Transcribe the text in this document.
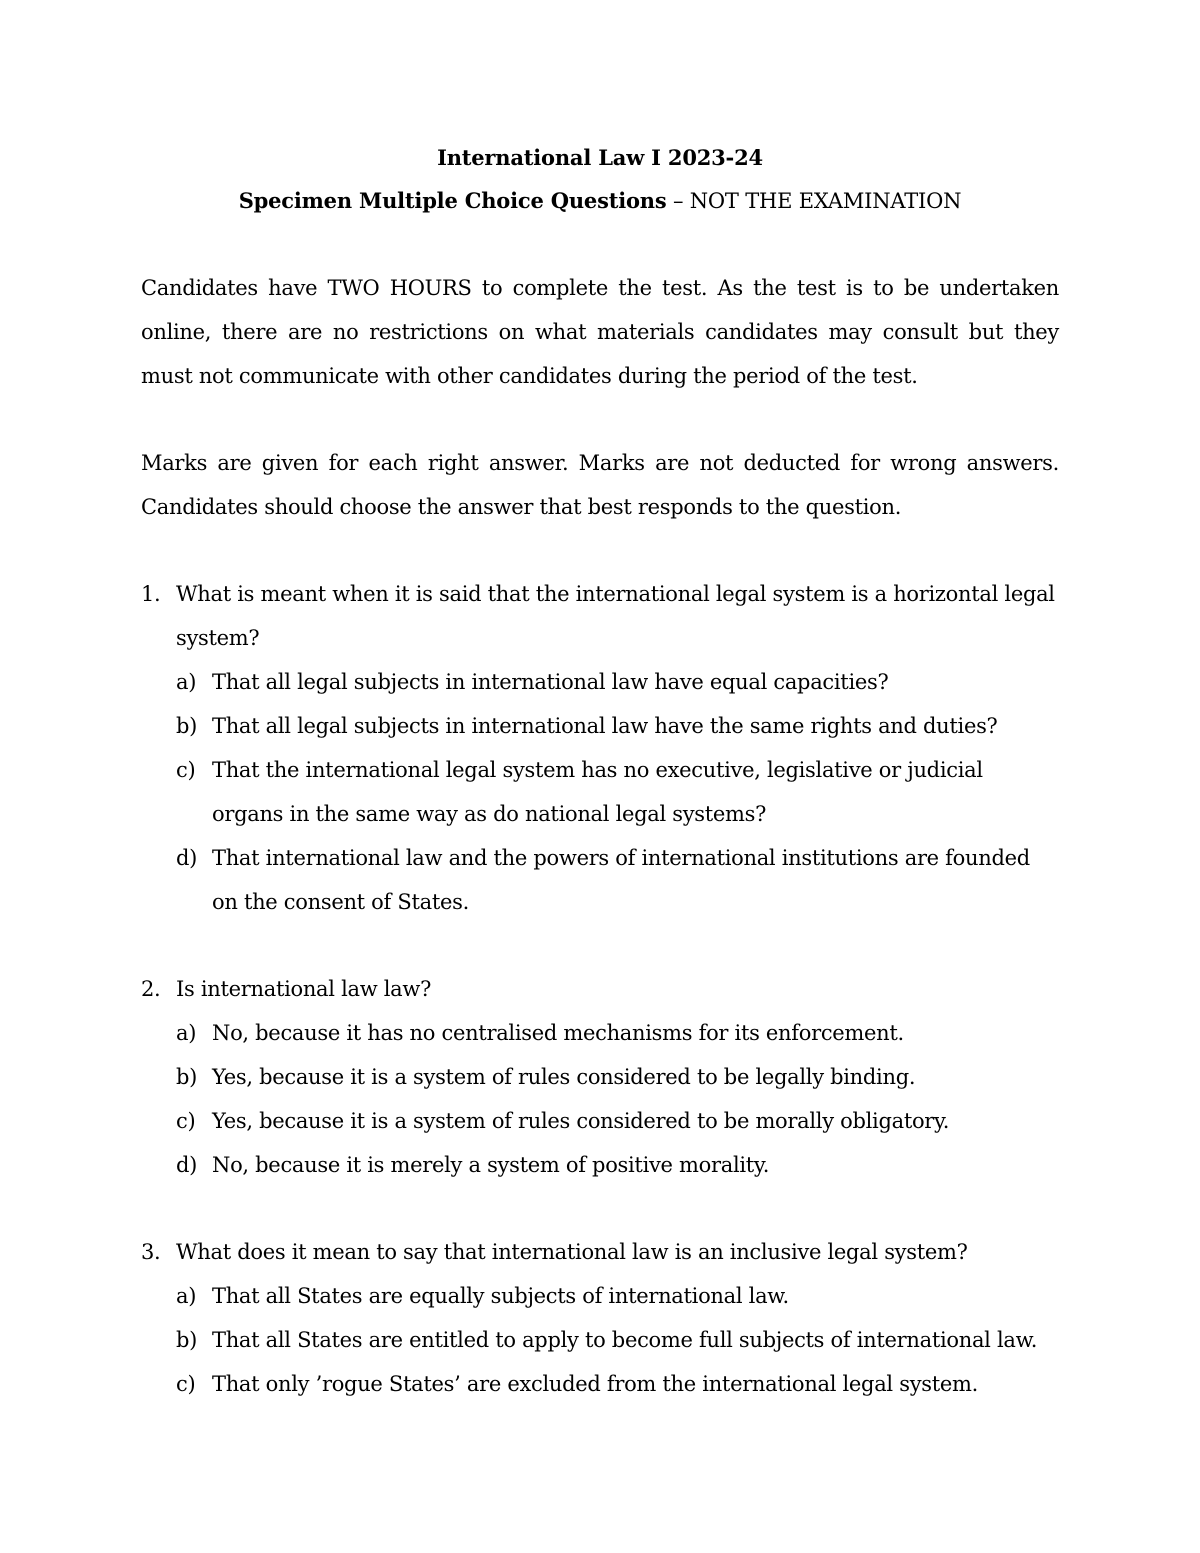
International Law I 2023-24

Specimen Multiple Choice Questions – NOT THE EXAMINATION

Candidates have TWO HOURS to complete the test. As the test is to be undertaken online, there are no restrictions on what materials candidates may consult but they must not communicate with other candidates during the period of the test.

Marks are given for each right answer. Marks are not deducted for wrong answers. Candidates should choose the answer that best responds to the question.

1. What is meant when it is said that the international legal system is a horizontal legal system?
a) That all legal subjects in international law have equal capacities?
b) That all legal subjects in international law have the same rights and duties?
c) That the international legal system has no executive, legislative or judicial organs in the same way as do national legal systems?
d) That international law and the powers of international institutions are founded on the consent of States.
2. Is international law law?
a) No, because it has no centralised mechanisms for its enforcement.
b) Yes, because it is a system of rules considered to be legally binding.
c) Yes, because it is a system of rules considered to be morally obligatory.
d) No, because it is merely a system of positive morality.
3. What does it mean to say that international law is an inclusive legal system?
a) That all States are equally subjects of international law.
b) That all States are entitled to apply to become full subjects of international law.
c) That only ’rogue States’ are excluded from the international legal system.
